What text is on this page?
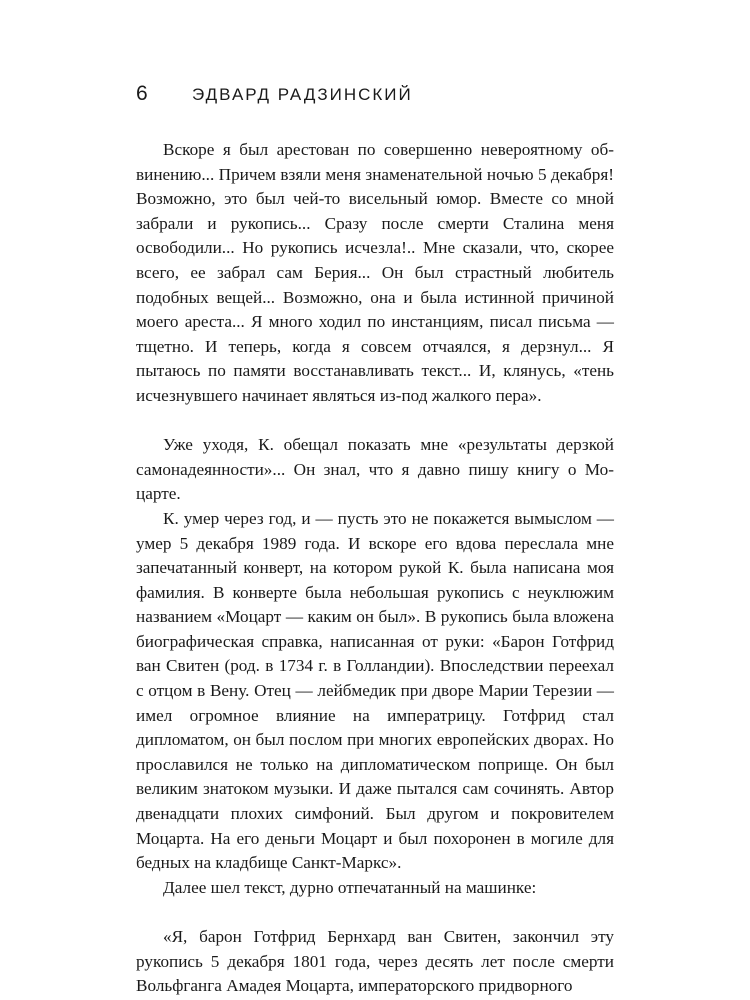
6	ЭДВАРД РАДЗИНСКИЙ

Вскоре я был арестован по совершенно невероятному обвинению... Причем взяли меня знаменательной ночью 5 декабря! Возможно, это был чей-то висельный юмор. Вместе со мной забрали и рукопись... Сразу после смерти Сталина меня освободили... Но рукопись исчезла!.. Мне сказали, что, скорее всего, ее забрал сам Берия... Он был страстный любитель подобных вещей... Возможно, она и была истинной причиной моего ареста... Я много ходил по инстанциям, писал письма — тщетно. И теперь, когда я совсем отчаялся, я дерзнул... Я пытаюсь по памяти восстанавливать текст... И, клянусь, «тень исчезнувшего начинает являться из-под жалкого пера».

Уже уходя, К. обещал показать мне «результаты дерзкой самонадеянности»... Он знал, что я давно пишу книгу о Моцарте.

К. умер через год, и — пусть это не покажется вымыслом — умер 5 декабря 1989 года. И вскоре его вдова переслала мне запечатанный конверт, на котором рукой К. была написана моя фамилия. В конверте была небольшая рукопись с неуклюжим названием «Моцарт — каким он был». В рукопись была вложена биографическая справка, написанная от руки: «Барон Готфрид ван Свитен (род. в 1734 г. в Голландии). Впоследствии переехал с отцом в Вену. Отец — лейбмедик при дворе Марии Терезии — имел огромное влияние на императрицу. Готфрид стал дипломатом, он был послом при многих европейских дворах. Но прославился не только на дипломатическом поприще. Он был великим знатоком музыки. И даже пытался сам сочинять. Автор двенадцати плохих симфоний. Был другом и покровителем Моцарта. На его деньги Моцарт и был похоронен в могиле для бедных на кладбище Санкт-Маркс».

Далее шел текст, дурно отпечатанный на машинке:

«Я, барон Готфрид Бернхард ван Свитен, закончил эту рукопись 5 декабря 1801 года, через десять лет после смерти Вольфганга Амадея Моцарта, императорского придворного
